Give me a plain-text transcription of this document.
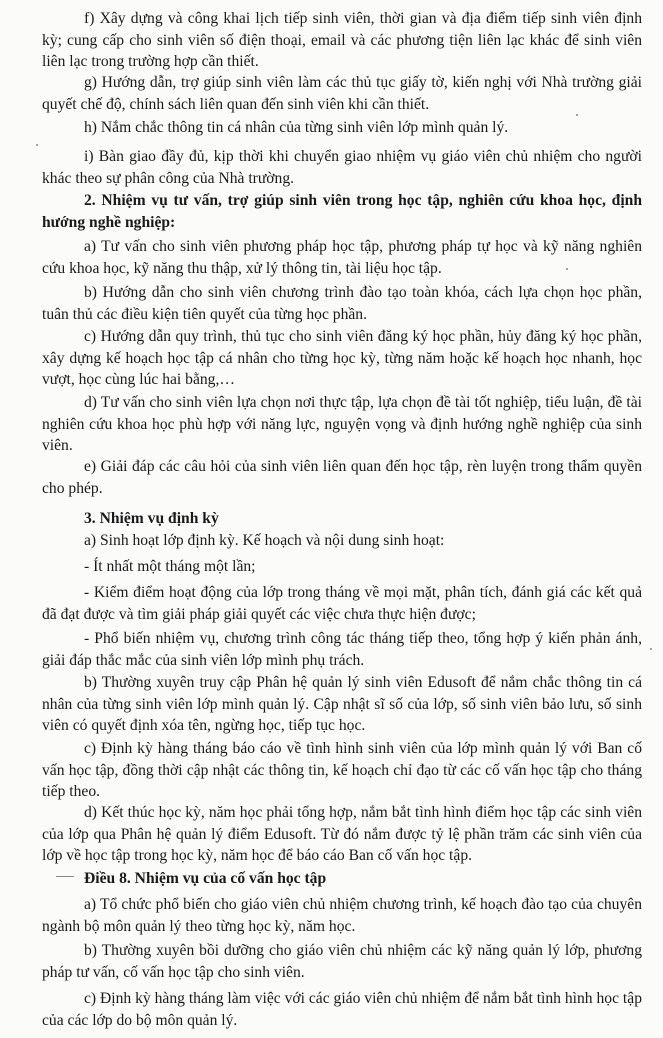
f) Xây dựng và công khai lịch tiếp sinh viên, thời gian và địa điểm tiếp sinh viên định kỳ; cung cấp cho sinh viên số điện thoại, email và các phương tiện liên lạc khác để sinh viên liên lạc trong trường hợp cần thiết.

g) Hướng dẫn, trợ giúp sinh viên làm các thủ tục giấy tờ, kiến nghị với Nhà trường giải quyết chế độ, chính sách liên quan đến sinh viên khi cần thiết.

h) Nắm chắc thông tin cá nhân của từng sinh viên lớp mình quản lý.

i) Bàn giao đầy đủ, kịp thời khi chuyển giao nhiệm vụ giáo viên chủ nhiệm cho người khác theo sự phân công của Nhà trường.

2. Nhiệm vụ tư vấn, trợ giúp sinh viên trong học tập, nghiên cứu khoa học, định hướng nghề nghiệp:

a) Tư vấn cho sinh viên phương pháp học tập, phương pháp tự học và kỹ năng nghiên cứu khoa học, kỹ năng thu thập, xử lý thông tin, tài liệu học tập.

b) Hướng dẫn cho sinh viên chương trình đào tạo toàn khóa, cách lựa chọn học phần, tuân thủ các điều kiện tiên quyết của từng học phần.

c) Hướng dẫn quy trình, thủ tục cho sinh viên đăng ký học phần, hủy đăng ký học phần, xây dựng kế hoạch học tập cá nhân cho từng học kỳ, từng năm hoặc kế hoạch học nhanh, học vượt, học cùng lúc hai bằng,…

d) Tư vấn cho sinh viên lựa chọn nơi thực tập, lựa chọn đề tài tốt nghiệp, tiểu luận, đề tài nghiên cứu khoa học phù hợp với năng lực, nguyện vọng và định hướng nghề nghiệp của sinh viên.

e) Giải đáp các câu hỏi của sinh viên liên quan đến học tập, rèn luyện trong thẩm quyền cho phép.

3. Nhiệm vụ định kỳ

a) Sinh hoạt lớp định kỳ. Kế hoạch và nội dung sinh hoạt:

- Ít nhất một tháng một lần;

- Kiểm điểm hoạt động của lớp trong tháng về mọi mặt, phân tích, đánh giá các kết quả đã đạt được và tìm giải pháp giải quyết các việc chưa thực hiện được;

- Phổ biến nhiệm vụ, chương trình công tác tháng tiếp theo, tổng hợp ý kiến phản ánh, giải đáp thắc mắc của sinh viên lớp mình phụ trách.

b) Thường xuyên truy cập Phân hệ quản lý sinh viên Edusoft để nắm chắc thông tin cá nhân của từng sinh viên lớp mình quản lý. Cập nhật sĩ số của lớp, số sinh viên bảo lưu, số sinh viên có quyết định xóa tên, ngừng học, tiếp tục học.

c) Định kỳ hàng tháng báo cáo về tình hình sinh viên của lớp mình quản lý với Ban cố vấn học tập, đồng thời cập nhật các thông tin, kế hoạch chỉ đạo từ các cố vấn học tập cho tháng tiếp theo.

d) Kết thúc học kỳ, năm học phải tổng hợp, nắm bắt tình hình điểm học tập các sinh viên của lớp qua Phân hệ quản lý điểm Edusoft. Từ đó nắm được tỷ lệ phần trăm các sinh viên của lớp về học tập trong học kỳ, năm học để báo cáo Ban cố vấn học tập.

Điều 8. Nhiệm vụ của cố vấn học tập

a) Tổ chức phổ biến cho giáo viên chủ nhiệm chương trình, kế hoạch đào tạo của chuyên ngành bộ môn quản lý theo từng học kỳ, năm học.

b) Thường xuyên bồi dưỡng cho giáo viên chủ nhiệm các kỹ năng quản lý lớp, phương pháp tư vấn, cố vấn học tập cho sinh viên.

c) Định kỳ hàng tháng làm việc với các giáo viên chủ nhiệm để nắm bắt tình hình học tập của các lớp do bộ môn quản lý.
